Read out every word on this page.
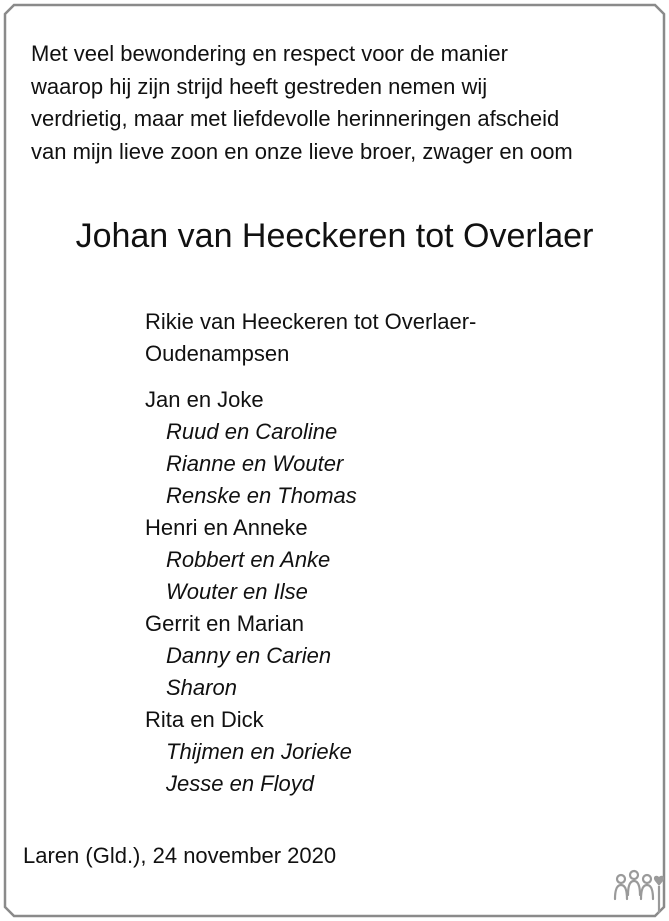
Met veel bewondering en respect voor de manier
waarop hij zijn strijd heeft gestreden nemen wij
verdrietig, maar met liefdevolle herinneringen afscheid
van mijn lieve zoon en onze lieve broer, zwager en oom
Johan van Heeckeren tot Overlaer
Rikie van Heeckeren tot Overlaer-
Oudenampsen
Jan en Joke
Ruud en Caroline
Rianne en Wouter
Renske en Thomas
Henri en Anneke
Robbert en Anke
Wouter en Ilse
Gerrit en Marian
Danny en Carien
Sharon
Rita en Dick
Thijmen en Jorieke
Jesse en Floyd
Laren (Gld.), 24 november 2020
